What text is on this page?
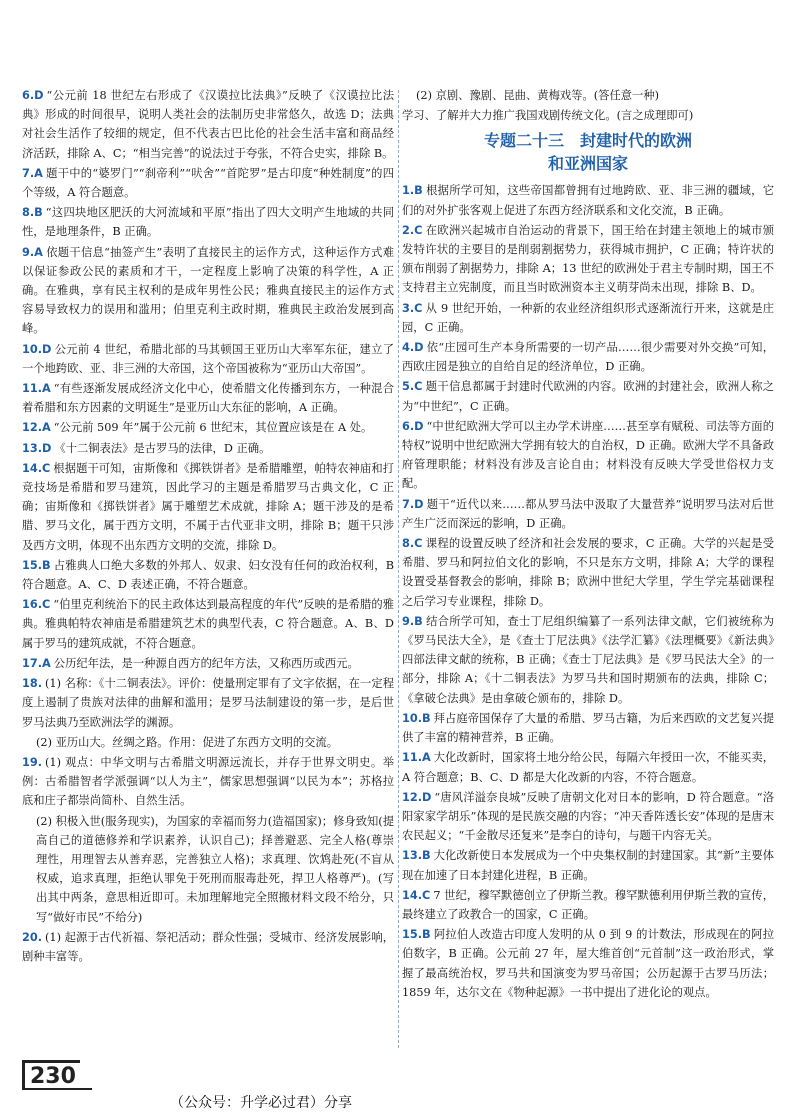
6.D “公元前 18 世纪左右形成了《汉谟拉比法典》”反映了《汉谟拉比法典》形成的时间很早，说明人类社会的法制历史非常悠久，故选 D；法典对社会生活作了较细的规定，但不代表古巴比伦的社会生活丰富和商品经济活跃，排除 A、C；“相当完善”的说法过于夸张，不符合史实，排除 B。
7.A 题干中的“婆罗门”“刹帝利”“吠舍”“首陀罗”是古印度“种姓制度”的四个等级，A 符合题意。
8.B “这四块地区肥沃的大河流域和平原”指出了四大文明产生地域的共同性，是地理条件，B 正确。
9.A 依题干信息“抽签产生”表明了直接民主的运作方式，这种运作方式难以保证参政公民的素质和才干，一定程度上影响了决策的科学性，A 正确。在雅典，享有民主权利的是成年男性公民；雅典直接民主的运作方式容易导致权力的误用和滥用；伯里克利主政时期，雅典民主政治发展到高峰。
10.D 公元前 4 世纪，希腊北部的马其顿国王亚历山大率军东征，建立了一个地跨欧、亚、非三洲的大帝国，这个帝国被称为“亚历山大帝国”。
11.A “有些逐渐发展成经济文化中心，使希腊文化传播到东方，一种混合着希腊和东方因素的文明诞生”是亚历山大东征的影响，A 正确。
12.A “公元前 509 年”属于公元前 6 世纪末，其位置应该是在 A 处。
13.D 《十二铜表法》是古罗马的法律，D 正确。
14.C 根据题干可知，宙斯像和《掷铁饼者》是希腊雕塑，帕特农神庙和打竞技场是希腊和罗马建筑，因此学习的主题是希腊罗马古典文化，C 正确；宙斯像和《掷铁饼者》属于雕塑艺术成就，排除 A；题干涉及的是希腊、罗马文化，属于西方文明，不属于古代亚非文明，排除 B；题干只涉及西方文明，体现不出东西方文明的交流，排除 D。
15.B 占雅典人口绝大多数的外邦人、奴隶、妇女没有任何的政治权利，B 符合题意。A、C、D 表述正确，不符合题意。
16.C “伯里克利统治下的民主政体达到最高程度的年代”反映的是希腊的雅典。雅典帕特农神庙是希腊建筑艺术的典型代表，C 符合题意。A、B、D 属于罗马的建筑成就，不符合题意。
17.A 公历纪年法，是一种源自西方的纪年方法，又称西历或西元。
18. (1) 名称：《十二铜表法》。评价：使量刑定罪有了文字依据，在一定程度上遏制了贵族对法律的曲解和滥用；是罗马法制建设的第一步，是后世罗马法典乃至欧洲法学的渊源。
(2) 亚历山大。丝绸之路。作用：促进了东西方文明的交流。
19. (1) 观点：中华文明与古希腊文明源远流长，并存于世界文明史。举例：古希腊智者学派强调“以人为主”，儒家思想强调“以民为本”；苏格拉底和庄子都崇尚简朴、自然生活。
(2) 积极入世(服务现实)，为国家的幸福而努力(造福国家)；修身致知(提高自己的道德修养和学识素养，认识自己)；择善避恶、完全人格(尊崇理性，用理智去从善弃恶，完善独立人格)；求真理、饮鸩赴死(不盲从权威，追求真理，拒绝认罪免于死刑而服毒赴死，捍卫人格尊严)。(写出其中两条，意思相近即可。未加理解地完全照搬材料文段不给分，只写“做好市民”不给分)
20. (1) 起源于古代祈福、祭祀活动；群众性强；受城市、经济发展影响，剧种丰富等。
(2) 京剧、豫剧、昆曲、黄梅戏等。(答任意一种)
学习、了解并大力推广我国戏剧传统文化。(言之成理即可)
专题二十三　封建时代的欧洲
和亚洲国家
1.B 根据所学可知，这些帝国都曾拥有过地跨欧、亚、非三洲的疆域，它们的对外扩张客观上促进了东西方经济联系和文化交流，B 正确。
2.C 在欧洲兴起城市自治运动的背景下，国王给在封建主领地上的城市颁发特许状的主要目的是削弱割据势力，获得城市拥护，C 正确；特许状的颁布削弱了割据势力，排除 A；13 世纪的欧洲处于君主专制时期，国王不支持君主立宪制度，而且当时欧洲资本主义萌芽尚未出现，排除 B、D。
3.C 从 9 世纪开始，一种新的农业经济组织形式逐渐流行开来，这就是庄园，C 正确。
4.D 依“庄园可生产本身所需要的一切产品……很少需要对外交换”可知，西欧庄园是独立的自给自足的经济单位，D 正确。
5.C 题干信息都属于封建时代欧洲的内容。欧洲的封建社会，欧洲人称之为“中世纪”，C 正确。
6.D “中世纪欧洲大学可以主办学术讲座……甚至享有赋税、司法等方面的特权”说明中世纪欧洲大学拥有较大的自治权，D 正确。欧洲大学不具备政府管理职能；材料没有涉及言论自由；材料没有反映大学受世俗权力支配。
7.D 题干“近代以来……都从罗马法中汲取了大量营养”说明罗马法对后世产生广泛而深远的影响，D 正确。
8.C 课程的设置反映了经济和社会发展的要求，C 正确。大学的兴起是受希腊、罗马和阿拉伯文化的影响，不只是东方文明，排除 A；大学的课程设置受基督教会的影响，排除 B；欧洲中世纪大学里，学生学完基础课程之后学习专业课程，排除 D。
9.B 结合所学可知，查士丁尼组织编纂了一系列法律文献，它们被统称为《罗马民法大全》，是《查士丁尼法典》《法学汇纂》《法理概要》《新法典》四部法律文献的统称，B 正确；《查士丁尼法典》是《罗马民法大全》的一部分，排除 A；《十二铜表法》为罗马共和国时期颁布的法典，排除 C；《拿破仑法典》是由拿破仑颁布的，排除 D。
10.B 拜占庭帝国保存了大量的希腊、罗马古籍，为后来西欧的文艺复兴提供了丰富的精神营养，B 正确。
11.A 大化改新时，国家将土地分给公民，每隔六年授田一次，不能买卖，A 符合题意；B、C、D 都是大化改新的内容，不符合题意。
12.D “唐风洋溢奈良城”反映了唐朝文化对日本的影响，D 符合题意。“洛阳家家学胡乐”体现的是民族交融的内容；“冲天香阵透长安”体现的是唐末农民起义；“千金散尽还复来”是李白的诗句，与题干内容无关。
13.B 大化改新使日本发展成为一个中央集权制的封建国家。其“新”主要体现在加速了日本封建化进程，B 正确。
14.C 7 世纪，穆罕默德创立了伊斯兰教。穆罕默德利用伊斯兰教的宣传，最终建立了政教合一的国家，C 正确。
15.B 阿拉伯人改造古印度人发明的从 0 到 9 的计数法，形成现在的阿拉伯数字，B 正确。公元前 27 年，屋大维首创“元首制”这一政治形式，掌握了最高统治权，罗马共和国演变为罗马帝国；公历起源于古罗马历法；1859 年，达尔文在《物种起源》一书中提出了进化论的观点。
230
（公众号：升学必过君）分享
